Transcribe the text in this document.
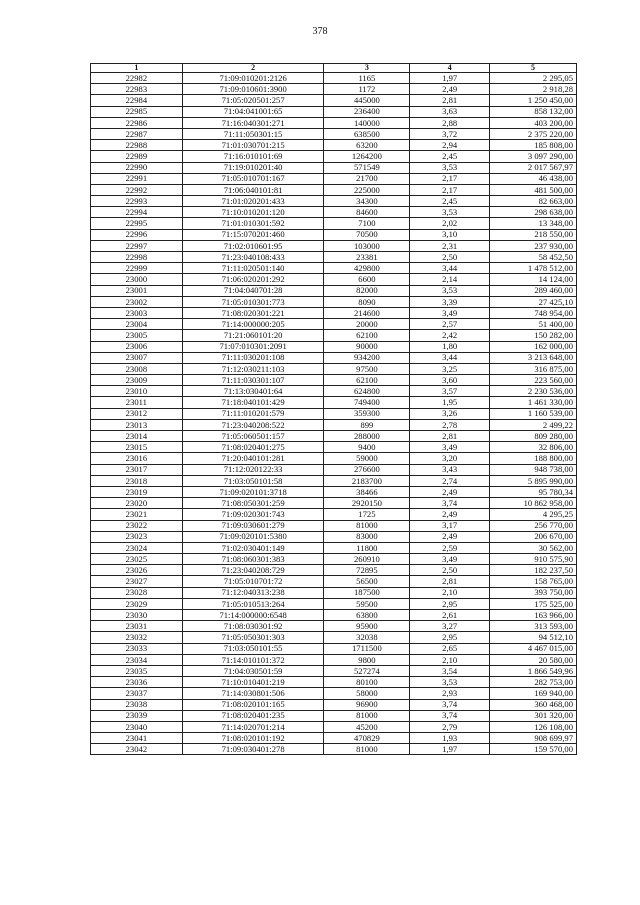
378
1	2	3	4	5
22982	71:09:010201:2126	1165	1,97	2 295,05
22983	71:09:010601:3900	1172	2,49	2 918,28
22984	71:05:020501:257	445000	2,81	1 250 450,00
22985	71:04:041001:65	236400	3,63	858 132,00
22986	71:16:040301:271	140000	2,88	403 200,00
22987	71:11:050301:15	638500	3,72	2 375 220,00
22988	71:01:030701:215	63200	2,94	185 808,00
22989	71:16:010101:69	1264200	2,45	3 097 290,00
22990	71:19:010201:40	571549	3,53	2 017 567,97
22991	71:05:010701:167	21700	2,17	46 438,00
22992	71:06:040101:81	225000	2,17	481 500,00
22993	71:01:020201:433	34300	2,45	82 663,00
22994	71:10:010201:120	84600	3,53	298 638,00
22995	71:01:010301:592	7100	2,02	13 348,00
22996	71:15:070201:460	70500	3,10	218 550,00
22997	71:02:010601:95	103000	2,31	237 930,00
22998	71:23:040108:433	23381	2,50	58 452,50
22999	71:11:020501:140	429800	3,44	1 478 512,00
23000	71:06:020201:292	6600	2,14	14 124,00
23001	71:04:040701:28	82000	3,53	289 460,00
23002	71:05:010301:773	8090	3,39	27 425,10
23003	71:08:020301:221	214600	3,49	748 954,00
23004	71:14:000000:205	20000	2,57	51 400,00
23005	71:21:060101:20	62100	2,42	150 282,00
23006	71:07:010301:2091	90000	1,80	162 000,00
23007	71:11:030201:108	934200	3,44	3 213 648,00
23008	71:12:030211:103	97500	3,25	316 875,00
23009	71:11:030301:107	62100	3,60	223 560,00
23010	71:13:030401:64	624800	3,57	2 230 536,00
23011	71:18:040101:429	749400	1,95	1 461 330,00
23012	71:11:010201:579	359300	3,26	1 160 539,00
23013	71:23:040208:522	899	2,78	2 499,22
23014	71:05:060501:157	288000	2,81	809 280,00
23015	71:08:020401:275	9400	3,49	32 806,00
23016	71:20:040101:281	59000	3,20	188 800,00
23017	71:12:020122:33	276600	3,43	948 738,00
23018	71:03:050101:58	2183700	2,74	5 895 990,00
23019	71:09:020101:3718	38466	2,49	95 780,34
23020	71:08:050301:259	2920150	3,74	10 862 958,00
23021	71:09:020301:743	1725	2,49	4 295,25
23022	71:09:030601:279	81000	3,17	256 770,00
23023	71:09:020101:5380	83000	2,49	206 670,00
23024	71:02:030401:149	11800	2,59	30 562,00
23025	71:08:060301:383	260910	3,49	910 575,90
23026	71:23:040208:729	72895	2,50	182 237,50
23027	71:05:010701:72	56500	2,81	158 765,00
23028	71:12:040313:238	187500	2,10	393 750,00
23029	71:05:010513:264	59500	2,95	175 525,00
23030	71:14:000000:6548	63800	2,61	163 966,00
23031	71:08:030301:92	95900	3,27	313 593,00
23032	71:05:050301:303	32038	2,95	94 512,10
23033	71:03:050101:55	1711500	2,65	4 467 015,00
23034	71:14:010101:372	9800	2,10	20 580,00
23035	71:04:030501:59	527274	3,54	1 866 549,96
23036	71:10:010401:219	80100	3,53	282 753,00
23037	71:14:030801:506	58000	2,93	169 940,00
23038	71:08:020101:165	96900	3,74	360 468,00
23039	71:08:020401:235	81000	3,74	301 320,00
23040	71:14:020701:214	45200	2,79	126 108,00
23041	71:08:020101:192	470829	1,93	908 699,97
23042	71:09:030401:278	81000	1,97	159 570,00
